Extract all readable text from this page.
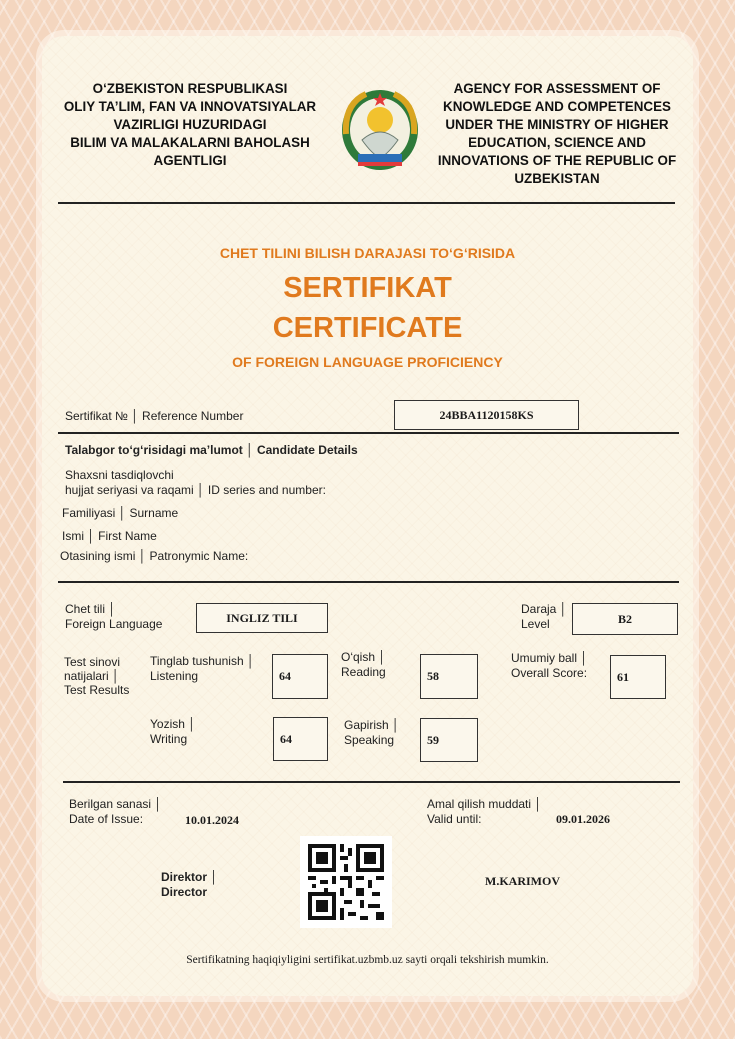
O‘ZBEKISTON RESPUBLIKASI
OLIY TA’LIM, FAN VA INNOVATSIYALAR
VAZIRLIGI HUZURIDAGI
BILIM VA MALAKALARNI BAHOLASH
AGENTLIGI
AGENCY FOR ASSESSMENT OF
KNOWLEDGE AND COMPETENCES
UNDER THE MINISTRY OF HIGHER
EDUCATION, SCIENCE AND
INNOVATIONS OF THE REPUBLIC OF
UZBEKISTAN
CHET TILINI BILISH DARAJASI TO‘G‘RISIDA
SERTIFIKAT
CERTIFICATE
OF FOREIGN LANGUAGE PROFICIENCY
Sertifikat № │ Reference Number	24BBA1120158KS
Talabgor to‘g‘risidagi ma’lumot │ Candidate Details
Shaxsni tasdiqlovchi
hujjat seriyasi va raqami │ ID series and number:
Familiyasi │ Surname
Ismi │ First Name
Otasining ismi │ Patronymic Name:
Chet tili │
Foreign Language	INGLIZ TILI
Daraja │
Level	B2
Test sinovi
natijalari │
Test Results
Tinglab tushunish │
Listening	64
O‘qish │
Reading	58
Umumiy ball │
Overall Score:	61
Yozish │
Writing	64
Gapirish │
Speaking	59
Berilgan sanasi │
Date of Issue:	10.01.2024
Amal qilish muddati │
Valid until:	09.01.2026
Direktor │
Director
M.KARIMOV
Sertifikatning haqiqiyligini sertifikat.uzbmb.uz sayti orqali tekshirish mumkin.
